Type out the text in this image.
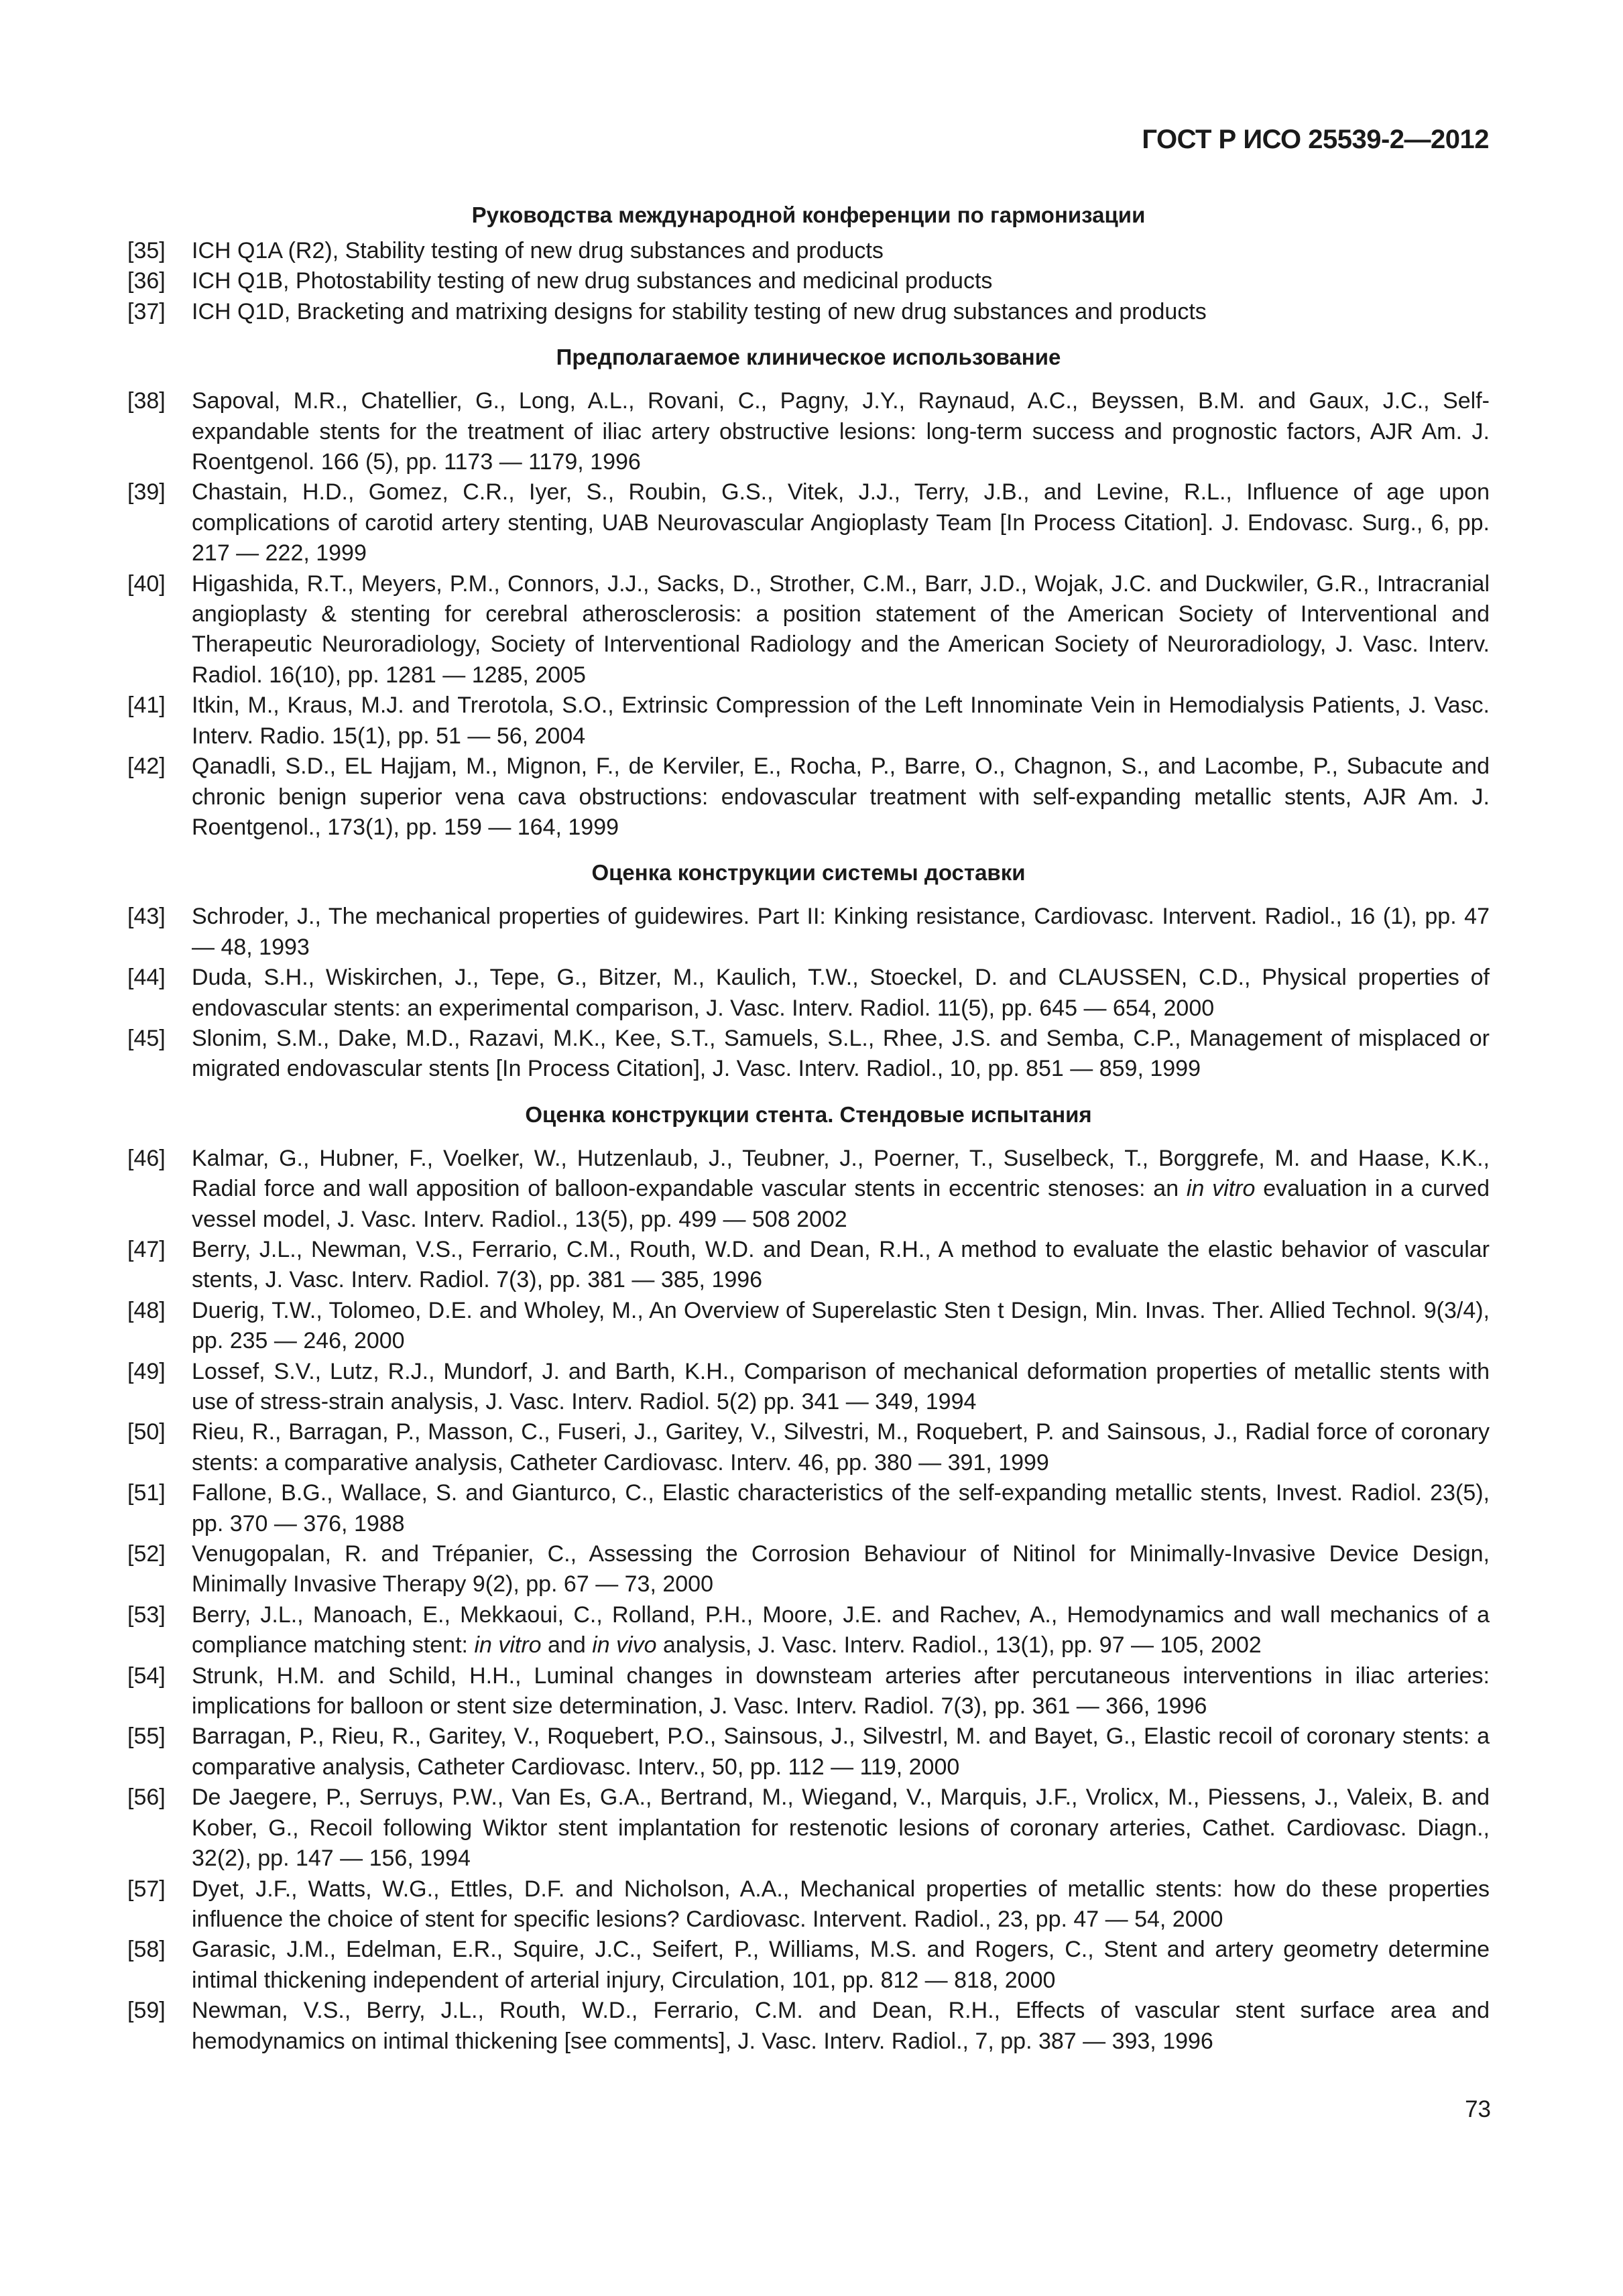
ГОСТ Р ИСО 25539-2—2012
Руководства международной конференции по гармонизации
[35]	ICH Q1A (R2), Stability testing of new drug substances and products
[36]	ICH Q1B, Photostability testing of new drug substances and medicinal products
[37]	ICH Q1D, Bracketing and matrixing designs for stability testing of new drug substances and products
Предполагаемое клиническое использование
[38]	Sapoval, M.R., Chatellier, G., Long, A.L., Rovani, C., Pagny, J.Y., Raynaud, A.C., Beyssen, B.M. and Gaux, J.C., Self-expandable stents for the treatment of iliac artery obstructive lesions: long-term success and prognostic factors, AJR Am. J. Roentgenol. 166 (5), pp. 1173 — 1179, 1996
[39]	Chastain, H.D., Gomez, C.R., Iyer, S., Roubin, G.S., Vitek, J.J., Terry, J.B., and Levine, R.L., Influence of age upon complications of carotid artery stenting, UAB Neurovascular Angioplasty Team [In Process Citation]. J. Endovasc. Surg., 6, pp. 217 — 222, 1999
[40]	Higashida, R.T., Meyers, P.M., Connors, J.J., Sacks, D., Strother, C.M., Barr, J.D., Wojak, J.C. and Duckwiler, G.R., Intracranial angioplasty & stenting for cerebral atherosclerosis: a position statement of the American Society of Interventional and Therapeutic Neuroradiology, Society of Interventional Radiology and the American Society of Neuroradiology, J. Vasc. Interv. Radiol. 16(10), pp. 1281 — 1285, 2005
[41]	Itkin, M., Kraus, M.J. and Trerotola, S.O., Extrinsic Compression of the Left Innominate Vein in Hemodialysis Patients, J. Vasc. Interv. Radio. 15(1), pp. 51 — 56, 2004
[42]	Qanadli, S.D., EL Hajjam, M., Mignon, F., de Kerviler, E., Rocha, P., Barre, O., Chagnon, S., and Lacombe, P., Subacute and chronic benign superior vena cava obstructions: endovascular treatment with self-expanding metallic stents, AJR Am. J. Roentgenol., 173(1), pp. 159 — 164, 1999
Оценка конструкции системы доставки
[43]	Schroder, J., The mechanical properties of guidewires. Part II: Kinking resistance, Cardiovasc. Intervent. Radiol., 16 (1), pp. 47 — 48, 1993
[44]	Duda, S.H., Wiskirchen, J., Tepe, G., Bitzer, M., Kaulich, T.W., Stoeckel, D. and CLAUSSEN, C.D., Physical properties of endovascular stents: an experimental comparison, J. Vasc. Interv. Radiol. 11(5), pp. 645 — 654, 2000
[45]	Slonim, S.M., Dake, M.D., Razavi, M.K., Kee, S.T., Samuels, S.L., Rhee, J.S. and Semba, C.P., Management of misplaced or migrated endovascular stents [In Process Citation], J. Vasc. Interv. Radiol., 10, pp. 851 — 859, 1999
Оценка конструкции стента. Стендовые испытания
[46]	Kalmar, G., Hubner, F., Voelker, W., Hutzenlaub, J., Teubner, J., Poerner, T., Suselbeck, T., Borggrefe, M. and Haase, K.K., Radial force and wall apposition of balloon-expandable vascular stents in eccentric stenoses: an in vitro evaluation in a curved vessel model, J. Vasc. Interv. Radiol., 13(5), pp. 499 — 508 2002
[47]	Berry, J.L., Newman, V.S., Ferrario, C.M., Routh, W.D. and Dean, R.H., A method to evaluate the elastic behavior of vascular stents, J. Vasc. Interv. Radiol. 7(3), pp. 381 — 385, 1996
[48]	Duerig, T.W., Tolomeo, D.E. and Wholey, M., An Overview of Superelastic Sten t Design, Min. Invas. Ther. Allied Technol. 9(3/4), pp. 235 — 246, 2000
[49]	Lossef, S.V., Lutz, R.J., Mundorf, J. and Barth, K.H., Comparison of mechanical deformation properties of metallic stents with use of stress-strain analysis, J. Vasc. Interv. Radiol. 5(2) pp. 341 — 349, 1994
[50]	Rieu, R., Barragan, P., Masson, C., Fuseri, J., Garitey, V., Silvestri, M., Roquebert, P. and Sainsous, J., Radial force of coronary stents: a comparative analysis, Catheter Cardiovasc. Interv. 46, pp. 380 — 391, 1999
[51]	Fallone, B.G., Wallace, S. and Gianturco, C., Elastic characteristics of the self-expanding metallic stents, Invest. Radiol. 23(5), pp. 370 — 376, 1988
[52]	Venugopalan, R. and Trépanier, C., Assessing the Corrosion Behaviour of Nitinol for Minimally-Invasive Device Design, Minimally Invasive Therapy 9(2), pp. 67 — 73, 2000
[53]	Berry, J.L., Manoach, E., Mekkaoui, C., Rolland, P.H., Moore, J.E. and Rachev, A., Hemodynamics and wall mechanics of a compliance matching stent: in vitro and in vivo analysis, J. Vasc. Interv. Radiol., 13(1), pp. 97 — 105, 2002
[54]	Strunk, H.M. and Schild, H.H., Luminal changes in downsteam arteries after percutaneous interventions in iliac arteries: implications for balloon or stent size determination, J. Vasc. Interv. Radiol. 7(3), pp. 361 — 366, 1996
[55]	Barragan, P., Rieu, R., Garitey, V., Roquebert, P.O., Sainsous, J., Silvestrl, M. and Bayet, G., Elastic recoil of coronary stents: a comparative analysis, Catheter Cardiovasc. Interv., 50, pp. 112 — 119, 2000
[56]	De Jaegere, P., Serruys, P.W., Van Es, G.A., Bertrand, M., Wiegand, V., Marquis, J.F., Vrolicx, M., Piessens, J., Valeix, B. and Kober, G., Recoil following Wiktor stent implantation for restenotic lesions of coronary arteries, Cathet. Cardiovasc. Diagn., 32(2), pp. 147 — 156, 1994
[57]	Dyet, J.F., Watts, W.G., Ettles, D.F. and Nicholson, A.A., Mechanical properties of metallic stents: how do these properties influence the choice of stent for specific lesions? Cardiovasc. Intervent. Radiol., 23, pp. 47 — 54, 2000
[58]	Garasic, J.M., Edelman, E.R., Squire, J.C., Seifert, P., Williams, M.S. and Rogers, C., Stent and artery geometry determine intimal thickening independent of arterial injury, Circulation, 101, pp. 812 — 818, 2000
[59]	Newman, V.S., Berry, J.L., Routh, W.D., Ferrario, C.M. and Dean, R.H., Effects of vascular stent surface area and hemodynamics on intimal thickening [see comments], J. Vasc. Interv. Radiol., 7, pp. 387 — 393, 1996
73
